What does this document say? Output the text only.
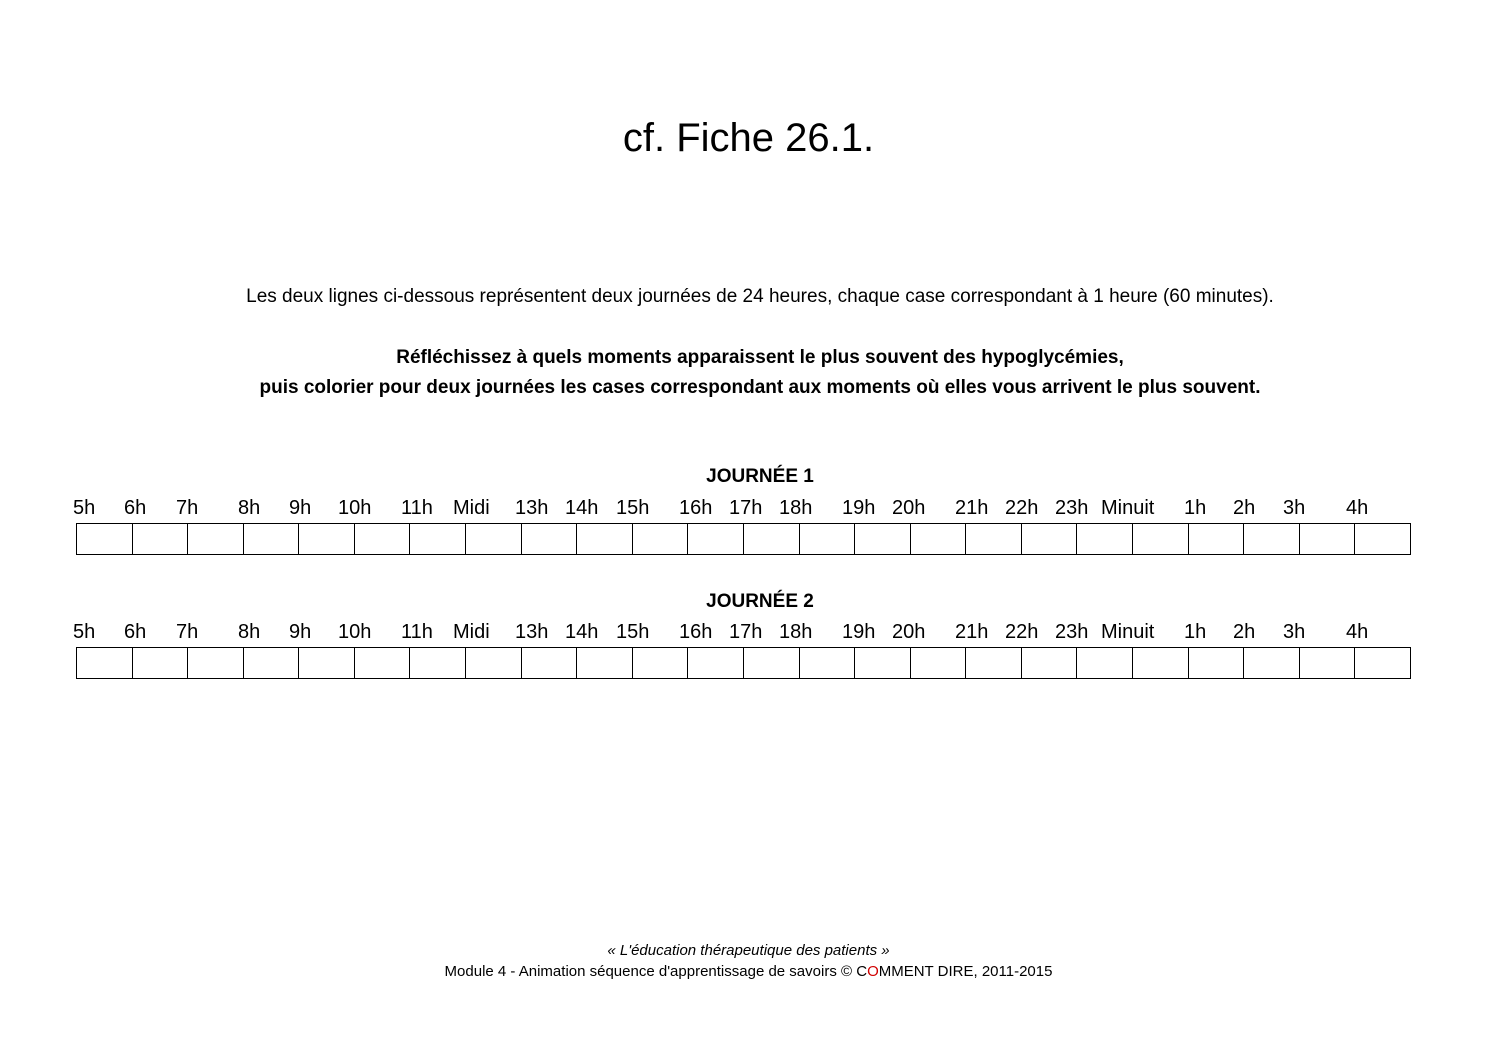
cf. Fiche 26.1.
Les deux lignes ci-dessous représentent deux journées de 24 heures, chaque case correspondant à 1 heure (60 minutes).
Réfléchissez à quels moments apparaissent le plus souvent des hypoglycémies,
puis colorier pour deux journées les cases correspondant aux moments où elles vous arrivent le plus souvent.
JOURNÉE 1
5h 6h 7h 8h 9h 10h 11h Midi 13h 14h 15h 16h 17h 18h 19h 20h 21h 22h 23h Minuit 1h 2h 3h 4h
JOURNÉE 2
5h 6h 7h 8h 9h 10h 11h Midi 13h 14h 15h 16h 17h 18h 19h 20h 21h 22h 23h Minuit 1h 2h 3h 4h
« L'éducation thérapeutique des patients »
Module 4 - Animation séquence d'apprentissage de savoirs © COMMENT DIRE, 2011-2015
